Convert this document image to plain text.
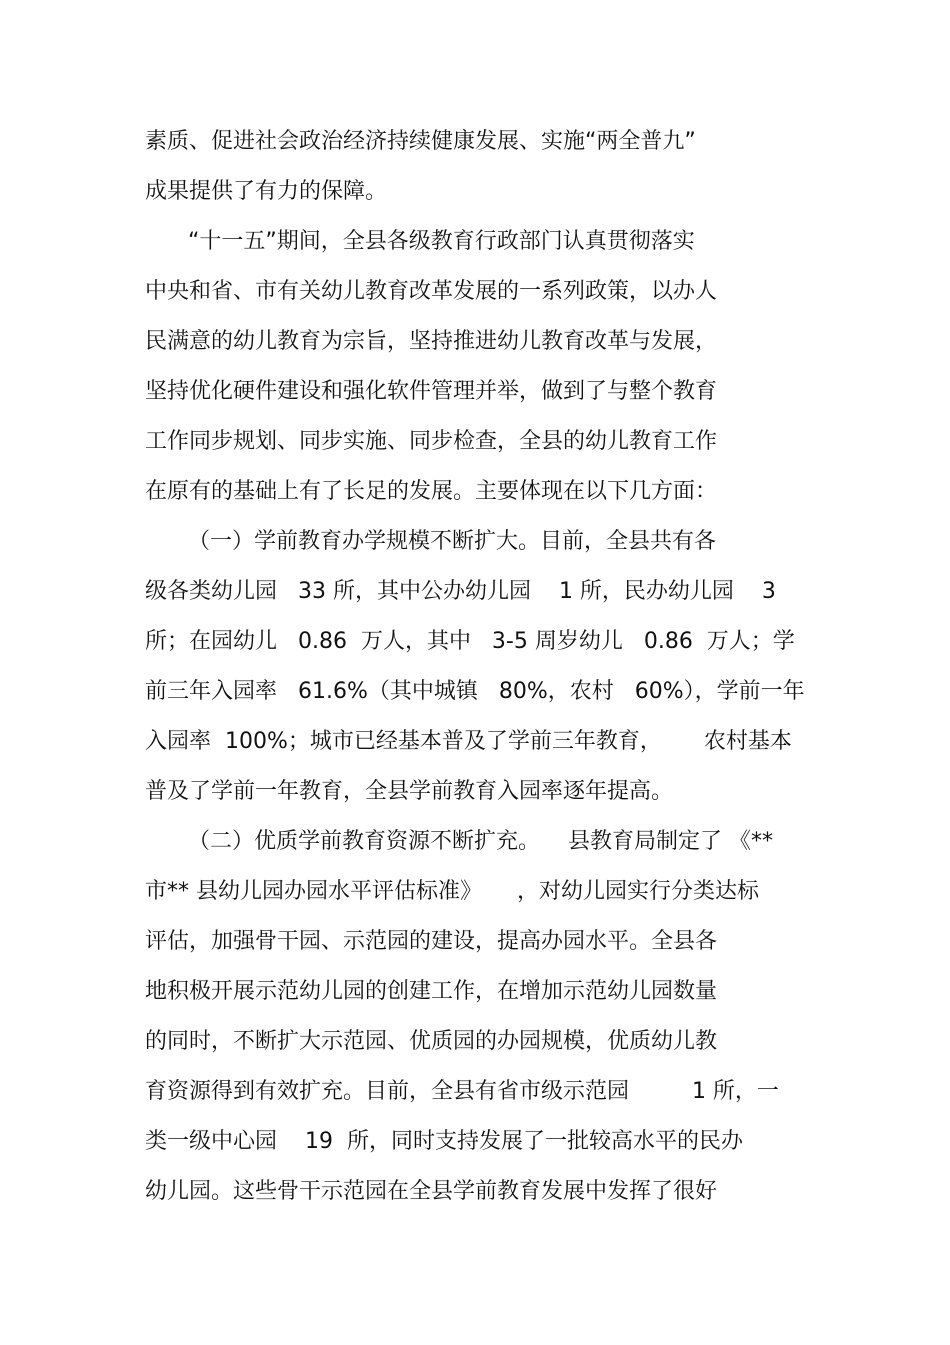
素质、促进社会政治经济持续健康发展、实施“两全普九”
成果提供了有力的保障。
“十一五”期间，全县各级教育行政部门认真贯彻落实
中央和省、市有关幼儿教育改革发展的一系列政策，以办人
民满意的幼儿教育为宗旨，坚持推进幼儿教育改革与发展，
坚持优化硬件建设和强化软件管理并举，做到了与整个教育
工作同步规划、同步实施、同步检查，全县的幼儿教育工作
在原有的基础上有了长足的发展。主要体现在以下几方面：
（一）学前教育办学规模不断扩大。目前，全县共有各
级各类幼儿园   33 所，其中公办幼儿园    1 所，民办幼儿园    3
所；在园幼儿   0.86  万人，其中   3-5 周岁幼儿   0.86  万人；学
前三年入园率   61.6%（其中城镇   80%，农村   60%），学前一年
入园率  100%；城市已经基本普及了学前三年教育，      农村基本
普及了学前一年教育，全县学前教育入园率逐年提高。
（二）优质学前教育资源不断扩充。    县教育局制定了 《**
市** 县幼儿园办园水平评估标准》     ，对幼儿园实行分类达标
评估，加强骨干园、示范园的建设，提高办园水平。全县各
地积极开展示范幼儿园的创建工作，在增加示范幼儿园数量
的同时，不断扩大示范园、优质园的办园规模，优质幼儿教
育资源得到有效扩充。目前，全县有省市级示范园         1 所，一
类一级中心园    19  所，同时支持发展了一批较高水平的民办
幼儿园。这些骨干示范园在全县学前教育发展中发挥了很好
